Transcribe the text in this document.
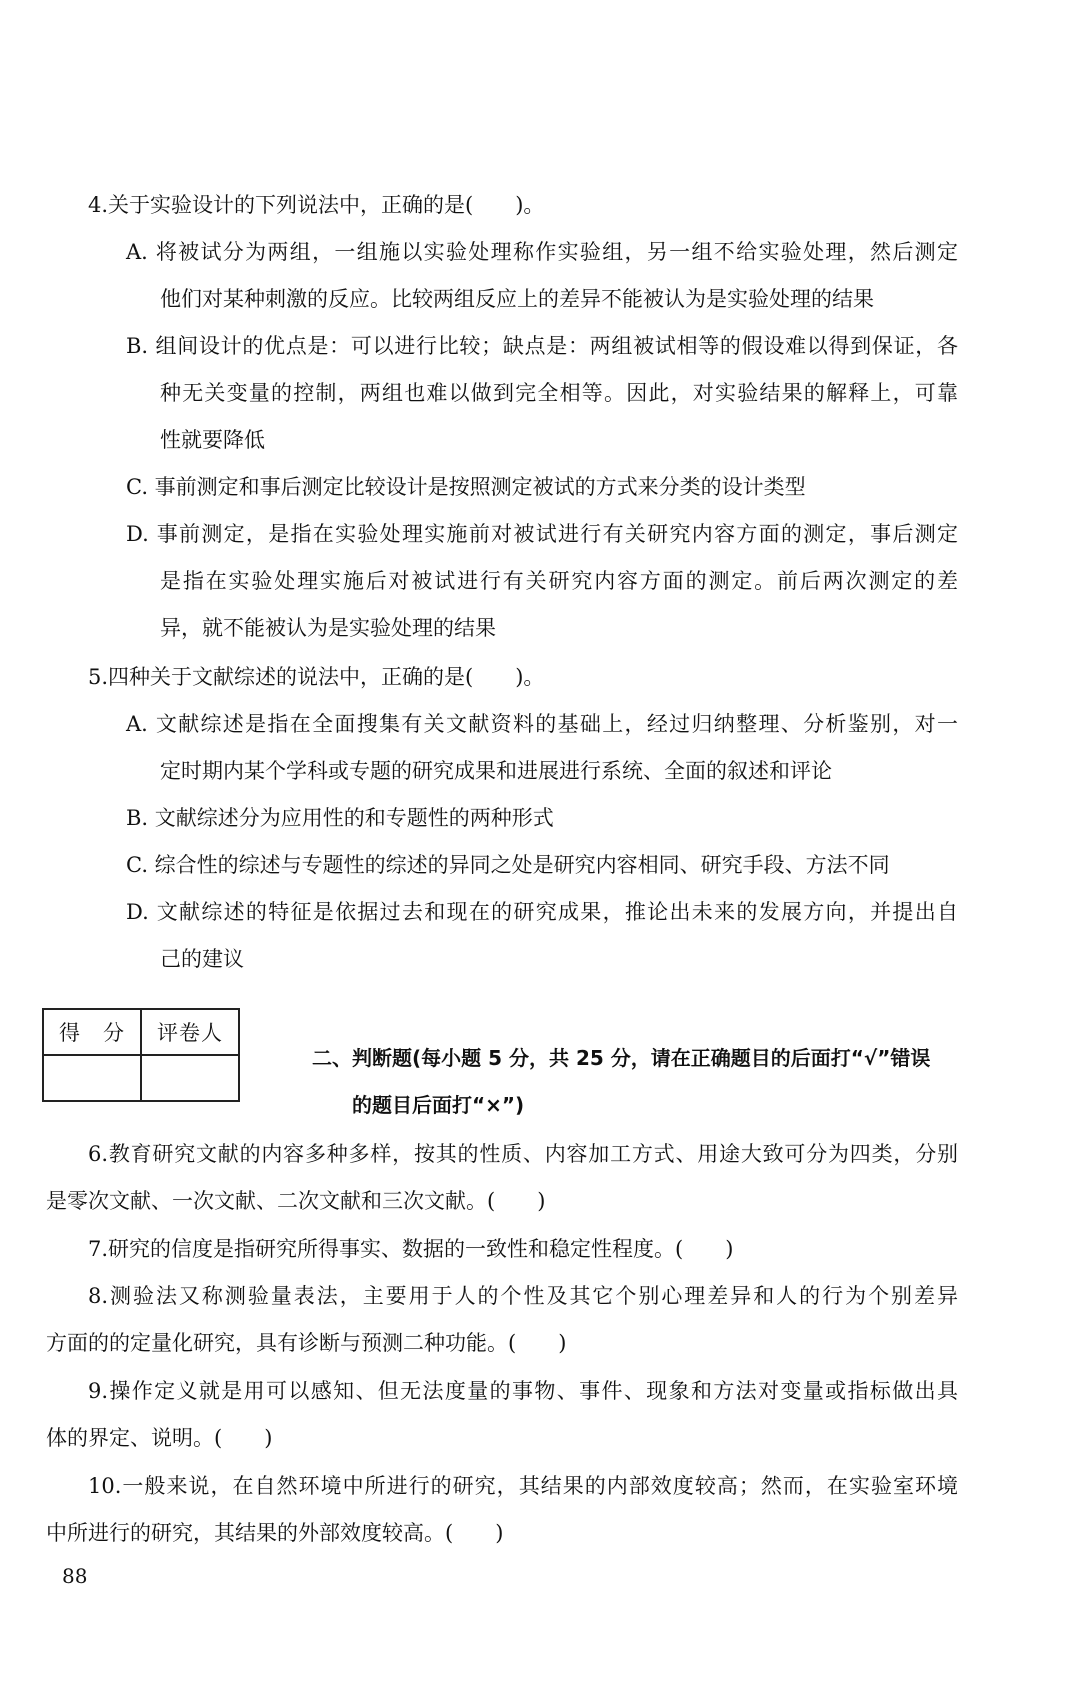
4.关于实验设计的下列说法中，正确的是(　　)。

A. 将被试分为两组，一组施以实验处理称作实验组，另一组不给实验处理，然后测定

他们对某种刺激的反应。比较两组反应上的差异不能被认为是实验处理的结果

B. 组间设计的优点是：可以进行比较；缺点是：两组被试相等的假设难以得到保证，各

种无关变量的控制，两组也难以做到完全相等。因此，对实验结果的解释上，可靠

性就要降低

C. 事前测定和事后测定比较设计是按照测定被试的方式来分类的设计类型

D. 事前测定，是指在实验处理实施前对被试进行有关研究内容方面的测定，事后测定

是指在实验处理实施后对被试进行有关研究内容方面的测定。前后两次测定的差

异，就不能被认为是实验处理的结果

5.四种关于文献综述的说法中，正确的是(　　)。

A. 文献综述是指在全面搜集有关文献资料的基础上，经过归纳整理、分析鉴别，对一

定时期内某个学科或专题的研究成果和进展进行系统、全面的叙述和评论

B. 文献综述分为应用性的和专题性的两种形式

C. 综合性的综述与专题性的综述的异同之处是研究内容相同、研究手段、方法不同

D. 文献综述的特征是依据过去和现在的研究成果，推论出未来的发展方向，并提出自

己的建议

得　分	评卷人

二、判断题(每小题 5 分，共 25 分，请在正确题目的后面打“√”错误

的题目后面打“×”)

6.教育研究文献的内容多种多样，按其的性质、内容加工方式、用途大致可分为四类，分别

是零次文献、一次文献、二次文献和三次文献。(　　)

7.研究的信度是指研究所得事实、数据的一致性和稳定性程度。(　　)

8.测验法又称测验量表法，主要用于人的个性及其它个别心理差异和人的行为个别差异

方面的的定量化研究，具有诊断与预测二种功能。(　　)

9.操作定义就是用可以感知、但无法度量的事物、事件、现象和方法对变量或指标做出具

体的界定、说明。(　　)

10.一般来说，在自然环境中所进行的研究，其结果的内部效度较高；然而，在实验室环境

中所进行的研究，其结果的外部效度较高。(　　)

88
